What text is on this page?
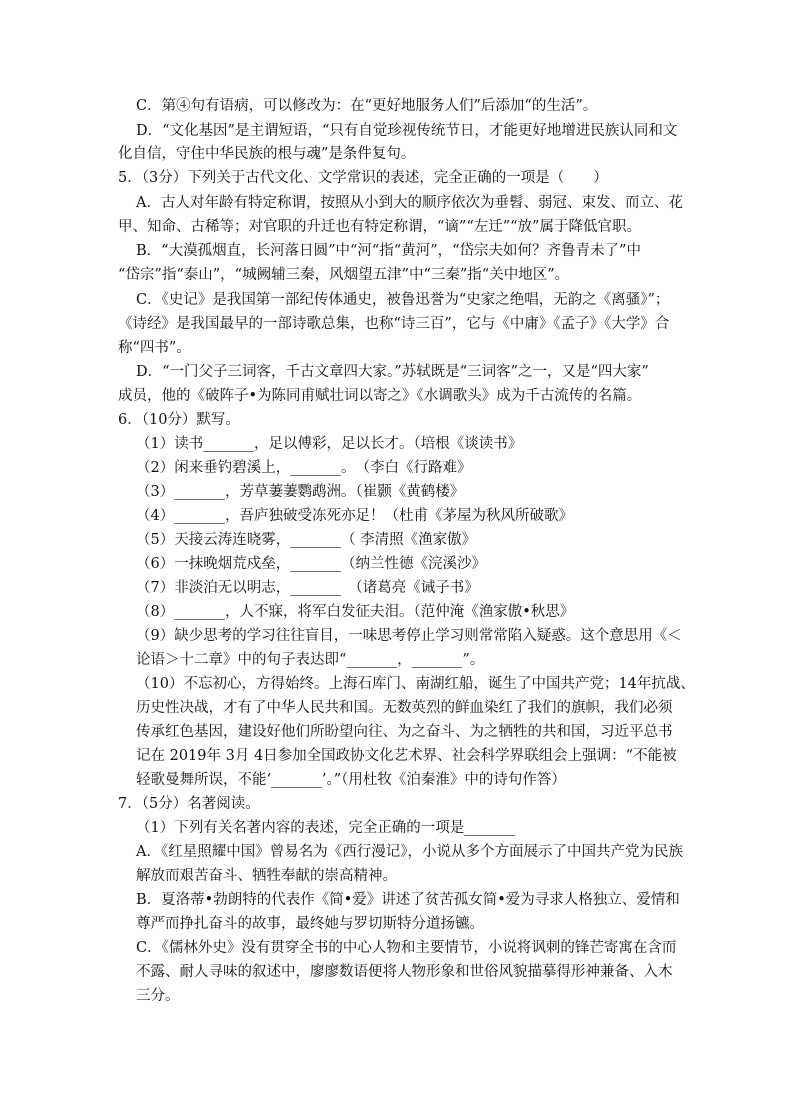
C．第④句有语病，可以修改为：在“更好地服务人们”后添加“的生活”。

D．“文化基因”是主谓短语，“只有自觉珍视传统节日，才能更好地增进民族认同和文

化自信，守住中华民族的根与魂”是条件复句。

5．（3分）下列关于古代文化、文学常识的表述，完全正确的一项是（　　）

A．古人对年龄有特定称谓，按照从小到大的顺序依次为垂髫、弱冠、束发、而立、花

甲、知命、古稀等；对官职的升迁也有特定称谓，“谪”“左迁”“放”属于降低官职。

B．“大漠孤烟直，长河落日圆”中“河“指“黄河”，“岱宗夫如何？齐鲁青未了”中

“岱宗”指“泰山”，“城阙辅三秦，风烟望五津”中“三秦”指“关中地区”。

C．《史记》是我国第一部纪传体通史，被鲁迅誉为“史家之绝唱，无韵之《离骚》”；

《诗经》是我国最早的一部诗歌总集，也称“诗三百”，它与《中庸》《孟子》《大学》合

称“四书”。

D．“一门父子三词客，千古文章四大家。”苏轼既是“三词客”之一，又是“四大家”

成员，他的《破阵子•为陈同甫赋壮词以寄之》《水调歌头》成为千古流传的名篇。

6．（10分）默写。

（1）读书_______，足以傅彩，足以长才。（培根《谈读书》

（2）闲来垂钓碧溪上，_______。　（李白《行路难》

（3）_______，芳草萋萋鹦鹉洲。（崔颢《黄鹤楼》

（4）_______，吾庐独破受冻死亦足！（杜甫《茅屋为秋风所破歌》

（5）天接云涛连晓雾，_______（ 李清照《渔家傲》

（6）一抹晚烟荒戍垒，_______（纳兰性德《浣溪沙》

（7）非淡泊无以明志，_______　（诸葛亮《诫子书》

（8）_______，人不寐，将军白发征夫泪。（范仲淹《渔家傲•秋思》

（9）缺少思考的学习往往盲目，一味思考停止学习则常常陷入疑惑。这个意思用《＜

论语＞十二章》中的句子表达即“_______，_______”。

（10）不忘初心，方得始终。上海石库门、南湖红船，诞生了中国共产党；14年抗战、

历史性决战，才有了中华人民共和国。无数英烈的鲜血染红了我们的旗帜，我们必须

传承红色基因，建设好他们所盼望向往、为之奋斗、为之牺牲的共和国，习近平总书

记在 2019年 3月 4日参加全国政协文化艺术界、社会科学界联组会上强调：“不能被

轻歌曼舞所误，不能‘_______’。”（用杜牧《泊秦淮》中的诗句作答）

7．（5分）名著阅读。

（1）下列有关名著内容的表述，完全正确的一项是_______

A．《红星照耀中国》曾易名为《西行漫记》，小说从多个方面展示了中国共产党为民族

解放而艰苦奋斗、牺牲奉献的崇高精神。

B．夏洛蒂•勃朗特的代表作《简•爱》讲述了贫苦孤女简•爱为寻求人格独立、爱情和

尊严而挣扎奋斗的故事，最终她与罗切斯特分道扬镳。

C．《儒林外史》没有贯穿全书的中心人物和主要情节，小说将讽刺的锋芒寄寓在含而

不露、耐人寻味的叙述中，廖廖数语便将人物形象和世俗风貌描摹得形神兼备、入木

三分。
